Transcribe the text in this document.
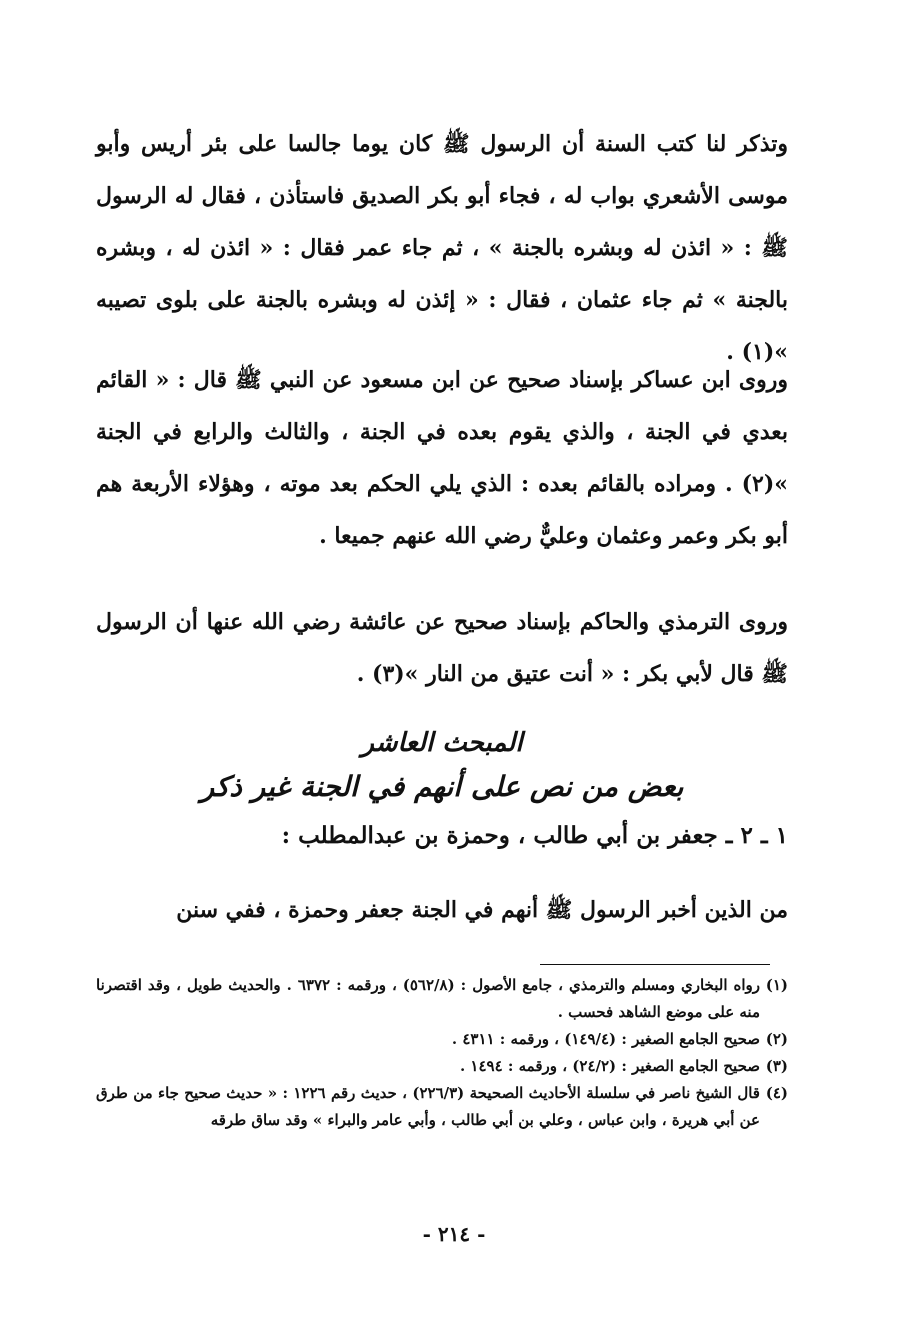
وتذكر لنا كتب السنة أن الرسول ﷺ كان يوما جالسا على بئر أريس وأبو موسى الأشعري بواب له ، فجاء أبو بكر الصديق فاستأذن ، فقال له الرسول ﷺ : « ائذن له وبشره بالجنة » ، ثم جاء عمر فقال : « ائذن له ، وبشره بالجنة » ثم جاء عثمان ، فقال : « إئذن له وبشره بالجنة على بلوى تصيبه »(١) .

وروى ابن عساكر بإسناد صحيح عن ابن مسعود عن النبي ﷺ قال : « القائم بعدي في الجنة ، والذي يقوم بعده في الجنة ، والثالث والرابع في الجنة »(٢) . ومراده بالقائم بعده : الذي يلي الحكم بعد موته ، وهؤلاء الأربعة هم أبو بكر وعمر وعثمان وعليٌّ رضي الله عنهم جميعا .

وروى الترمذي والحاكم بإسناد صحيح عن عائشة رضي الله عنها أن الرسول ﷺ قال لأبي بكر : « أنت عتيق من النار »(٣) .

المبحث العاشر
بعض من نص على أنهم في الجنة غير ذكر
١ ـ ٢ ـ جعفر بن أبي طالب ، وحمزة بن عبدالمطلب :

من الذين أخبر الرسول ﷺ أنهم في الجنة جعفر وحمزة ، ففي سنن

(١)
رواه البخاري ومسلم والترمذي ، جامع الأصول : (٥٦٢/٨) ، ورقمه : ٦٣٧٢ . والحديث طويل ، وقد اقتصرنا منه على موضع الشاهد فحسب .
(٢)
صحيح الجامع الصغير : (١٤٩/٤) ، ورقمه : ٤٣١١ .
(٣)
صحيح الجامع الصغير : (٢٤/٢) ، ورقمه : ١٤٩٤ .
(٤)
قال الشيخ ناصر في سلسلة الأحاديث الصحيحة (٢٢٦/٣) ، حديث رقم ١٢٢٦ : « حديث صحيح جاء من طرق عن أبي هريرة ، وابن عباس ، وعلي بن أبي طالب ، وأبي عامر والبراء » وقد ساق طرقه
- ٢١٤ -
